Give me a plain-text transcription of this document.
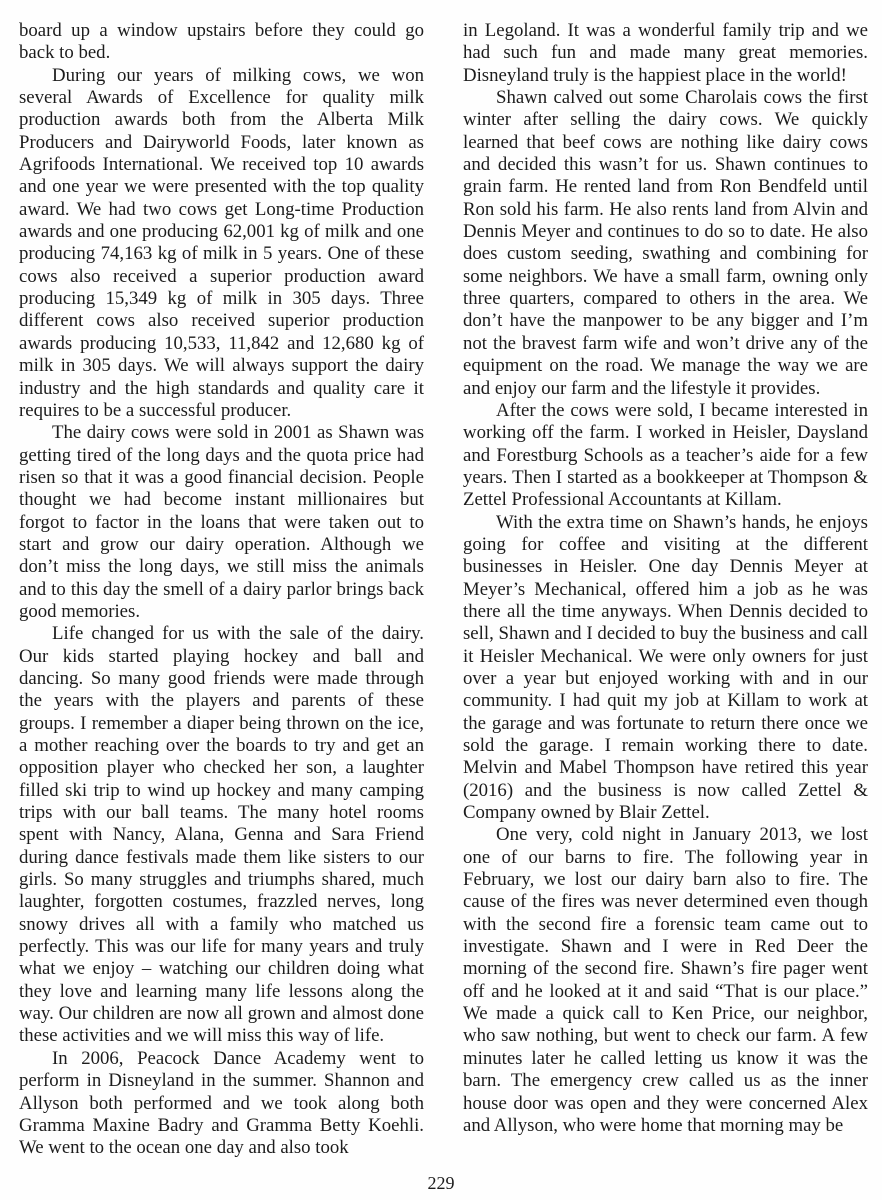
board up a window upstairs before they could go back to bed.

During our years of milking cows, we won several Awards of Excellence for quality milk production awards both from the Alberta Milk Producers and Dairyworld Foods, later known as Agrifoods International. We received top 10 awards and one year we were presented with the top quality award. We had two cows get Long-time Production awards and one producing 62,001 kg of milk and one producing 74,163 kg of milk in 5 years. One of these cows also received a superior production award producing 15,349 kg of milk in 305 days. Three different cows also received superior production awards producing 10,533, 11,842 and 12,680 kg of milk in 305 days. We will always support the dairy industry and the high standards and quality care it requires to be a successful producer.

The dairy cows were sold in 2001 as Shawn was getting tired of the long days and the quota price had risen so that it was a good financial decision. People thought we had become instant millionaires but forgot to factor in the loans that were taken out to start and grow our dairy operation. Although we don’t miss the long days, we still miss the animals and to this day the smell of a dairy parlor brings back good memories.

Life changed for us with the sale of the dairy. Our kids started playing hockey and ball and dancing. So many good friends were made through the years with the players and parents of these groups. I remember a diaper being thrown on the ice, a mother reaching over the boards to try and get an opposition player who checked her son, a laughter filled ski trip to wind up hockey and many camping trips with our ball teams. The many hotel rooms spent with Nancy, Alana, Genna and Sara Friend during dance festivals made them like sisters to our girls. So many struggles and triumphs shared, much laughter, forgotten costumes, frazzled nerves, long snowy drives all with a family who matched us perfectly. This was our life for many years and truly what we enjoy – watching our children doing what they love and learning many life lessons along the way. Our children are now all grown and almost done these activities and we will miss this way of life.

In 2006, Peacock Dance Academy went to perform in Disneyland in the summer. Shannon and Allyson both performed and we took along both Gramma Maxine Badry and Gramma Betty Koehli. We went to the ocean one day and also took

in Legoland. It was a wonderful family trip and we had such fun and made many great memories. Disneyland truly is the happiest place in the world!

Shawn calved out some Charolais cows the first winter after selling the dairy cows. We quickly learned that beef cows are nothing like dairy cows and decided this wasn’t for us. Shawn continues to grain farm. He rented land from Ron Bendfeld until Ron sold his farm. He also rents land from Alvin and Dennis Meyer and continues to do so to date. He also does custom seeding, swathing and combining for some neighbors. We have a small farm, owning only three quarters, compared to others in the area. We don’t have the manpower to be any bigger and I’m not the bravest farm wife and won’t drive any of the equipment on the road. We manage the way we are and enjoy our farm and the lifestyle it provides.

After the cows were sold, I became interested in working off the farm. I worked in Heisler, Daysland and Forestburg Schools as a teacher’s aide for a few years. Then I started as a bookkeeper at Thompson & Zettel Professional Accountants at Killam.

With the extra time on Shawn’s hands, he enjoys going for coffee and visiting at the different businesses in Heisler. One day Dennis Meyer at Meyer’s Mechanical, offered him a job as he was there all the time anyways. When Dennis decided to sell, Shawn and I decided to buy the business and call it Heisler Mechanical. We were only owners for just over a year but enjoyed working with and in our community. I had quit my job at Killam to work at the garage and was fortunate to return there once we sold the garage. I remain working there to date. Melvin and Mabel Thompson have retired this year (2016) and the business is now called Zettel & Company owned by Blair Zettel.

One very, cold night in January 2013, we lost one of our barns to fire. The following year in February, we lost our dairy barn also to fire. The cause of the fires was never determined even though with the second fire a forensic team came out to investigate. Shawn and I were in Red Deer the morning of the second fire. Shawn’s fire pager went off and he looked at it and said “That is our place.” We made a quick call to Ken Price, our neighbor, who saw nothing, but went to check our farm. A few minutes later he called letting us know it was the barn. The emergency crew called us as the inner house door was open and they were concerned Alex and Allyson, who were home that morning may be

229
